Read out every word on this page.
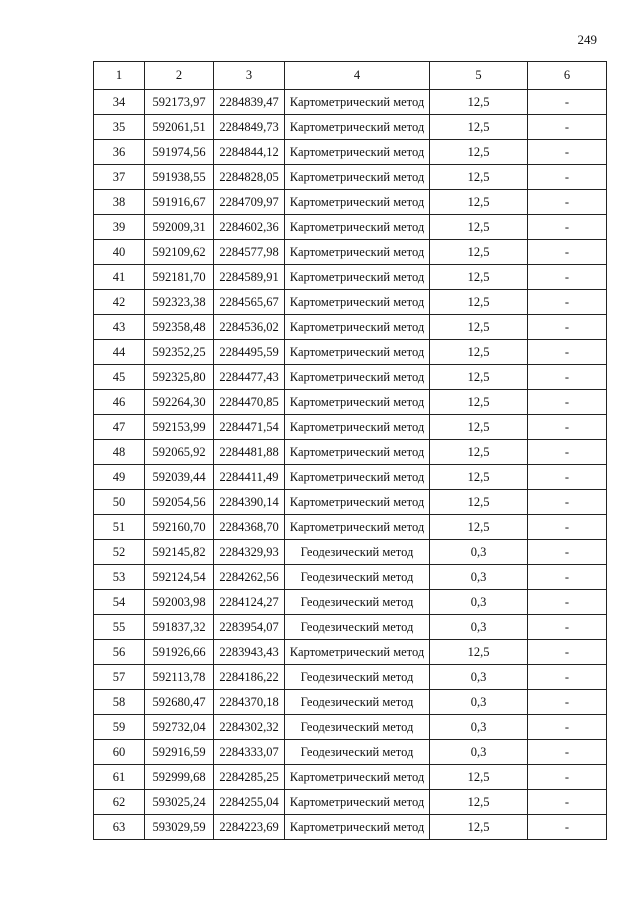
249
1	2	3	4	5	6
34	592173,97	2284839,47	Картометрический метод	12,5	-
35	592061,51	2284849,73	Картометрический метод	12,5	-
36	591974,56	2284844,12	Картометрический метод	12,5	-
37	591938,55	2284828,05	Картометрический метод	12,5	-
38	591916,67	2284709,97	Картометрический метод	12,5	-
39	592009,31	2284602,36	Картометрический метод	12,5	-
40	592109,62	2284577,98	Картометрический метод	12,5	-
41	592181,70	2284589,91	Картометрический метод	12,5	-
42	592323,38	2284565,67	Картометрический метод	12,5	-
43	592358,48	2284536,02	Картометрический метод	12,5	-
44	592352,25	2284495,59	Картометрический метод	12,5	-
45	592325,80	2284477,43	Картометрический метод	12,5	-
46	592264,30	2284470,85	Картометрический метод	12,5	-
47	592153,99	2284471,54	Картометрический метод	12,5	-
48	592065,92	2284481,88	Картометрический метод	12,5	-
49	592039,44	2284411,49	Картометрический метод	12,5	-
50	592054,56	2284390,14	Картометрический метод	12,5	-
51	592160,70	2284368,70	Картометрический метод	12,5	-
52	592145,82	2284329,93	Геодезический метод	0,3	-
53	592124,54	2284262,56	Геодезический метод	0,3	-
54	592003,98	2284124,27	Геодезический метод	0,3	-
55	591837,32	2283954,07	Геодезический метод	0,3	-
56	591926,66	2283943,43	Картометрический метод	12,5	-
57	592113,78	2284186,22	Геодезический метод	0,3	-
58	592680,47	2284370,18	Геодезический метод	0,3	-
59	592732,04	2284302,32	Геодезический метод	0,3	-
60	592916,59	2284333,07	Геодезический метод	0,3	-
61	592999,68	2284285,25	Картометрический метод	12,5	-
62	593025,24	2284255,04	Картометрический метод	12,5	-
63	593029,59	2284223,69	Картометрический метод	12,5	-
